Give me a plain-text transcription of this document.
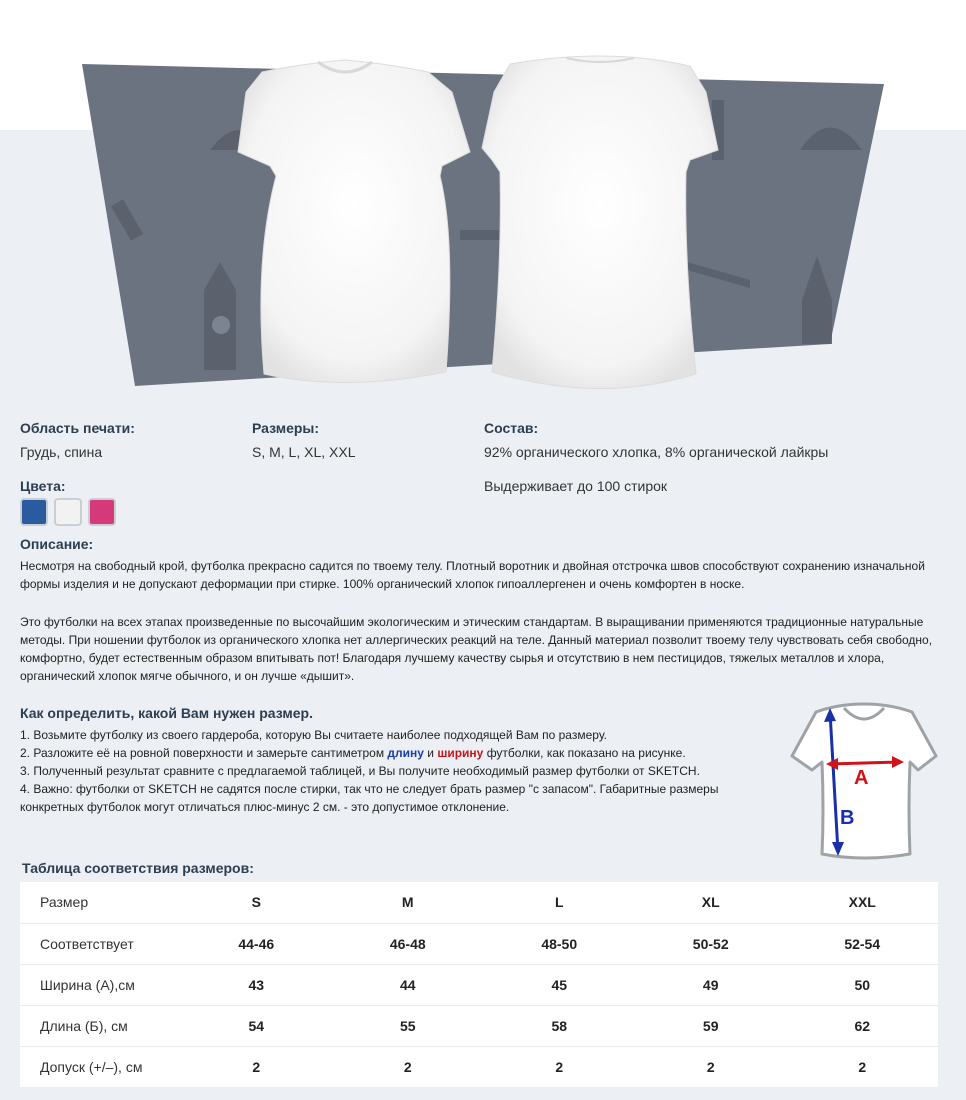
Область печати:
Грудь, спина
Размеры:
S, M, L, XL, XXL
Состав:
92% органического хлопка, 8% органической лайкры
Выдерживает до 100 стирок
Цвета:
Описание:
Несмотря на свободный крой, футболка прекрасно садится по твоему телу. Плотный воротник и двойная отстрочка швов способствуют сохранению изначальной формы изделия и не допускают деформации при стирке. 100% органический хлопок гипоаллергенен и очень комфортен в носке.
Это футболки на всех этапах произведенные по высочайшим экологическим и этическим стандартам. В выращивании применяются традиционные натуральные методы. При ношении футболок из органического хлопка нет аллергических реакций на теле. Данный материал позволит твоему телу чувствовать себя свободно, комфортно, будет естественным образом впитывать пот! Благодаря лучшему качеству сырья и отсутствию в нем пестицидов, тяжелых металлов и хлора, органический хлопок мягче обычного, и он лучше «дышит».
Как определить, какой Вам нужен размер.
1. Возьмите футболку из своего гардероба, которую Вы считаете наиболее подходящей Вам по размеру.
2. Разложите её на ровной поверхности и замерьте сантиметром длину и ширину футболки, как показано на рисунке.
3. Полученный результат сравните с предлагаемой таблицей, и Вы получите необходимый размер футболки от SKETCH.
4. Важно: футболки от SKETCH не садятся после стирки, так что не следует брать размер "с запасом". Габаритные размеры конкретных футболок могут отличаться плюс-минус 2 см. - это допустимое отклонение.
A
B
Таблица соответствия размеров:
Размер	S	M	L	XL	XXL
Соответствует	44-46	46-48	48-50	50-52	52-54
Ширина (А),см	43	44	45	49	50
Длина (Б), см	54	55	58	59	62
Допуск (+/–), см	2	2	2	2	2
